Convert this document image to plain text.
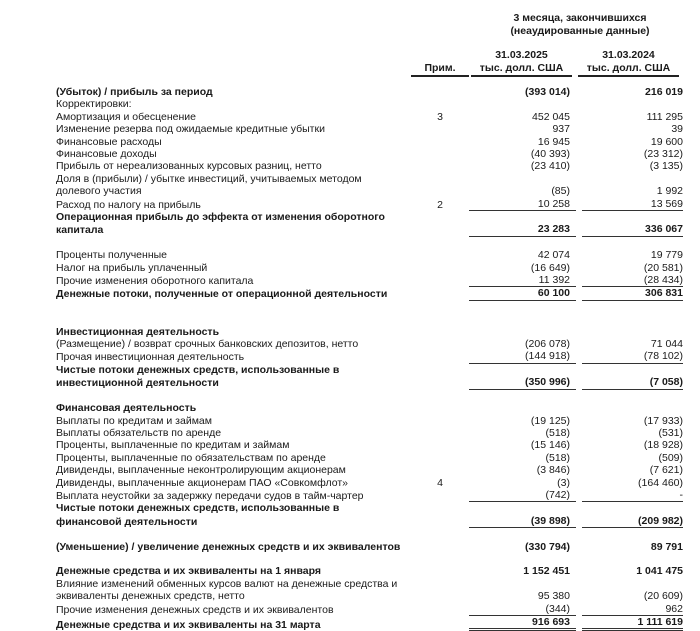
3 месяца, закончившихся
(неаудированные данные)
Прим.
31.03.2025
тыс. долл. США
31.03.2024
тыс. долл. США
(Убыток) / прибыль за период		(393 014)		216 019
Корректировки:				
Амортизация и обесценение	3	452 045		111 295
Изменение резерва под ожидаемые кредитные убытки		937		39
Финансовые расходы		16 945		19 600
Финансовые доходы		(40 393)		(23 312)
Прибыль от нереализованных курсовых разниц, нетто		(23 410)		(3 135)
Доля в (прибыли) / убытке инвестиций, учитываемых методом				
долевого участия		(85)		1 992
Расход по налогу на прибыль	2	10 258		13 569
Операционная прибыль до эффекта от изменения оборотного				
капитала		23 283		336 067

Проценты полученные		42 074		19 779
Налог на прибыль уплаченный		(16 649)		(20 581)
Прочие изменения оборотного капитала		11 392		(28 434)
Денежные потоки, полученные от операционной деятельности		60 100		306 831

Инвестиционная деятельность				
(Размещение) / возврат срочных банковских депозитов, нетто		(206 078)		71 044
Прочая инвестиционная деятельность		(144 918)		(78 102)
Чистые потоки денежных средств, использованные в				
инвестиционной деятельности		(350 996)		(7 058)

Финансовая деятельность				
Выплаты по кредитам и займам		(19 125)		(17 933)
Выплаты обязательств по аренде		(518)		(531)
Проценты, выплаченные по кредитам и займам		(15 146)		(18 928)
Проценты, выплаченные по обязательствам по аренде		(518)		(509)
Дивиденды, выплаченные неконтролирующим акционерам		(3 846)		(7 621)
Дивиденды, выплаченные акционерам ПАО «Совкомфлот»	4	(3)		(164 460)
Выплата неустойки за задержку передачи судов в тайм-чартер		(742)		-
Чистые потоки денежных средств, использованные в				
финансовой деятельности		(39 898)		(209 982)

(Уменьшение) / увеличение денежных средств и их эквивалентов		(330 794)		89 791

Денежные средства и их эквиваленты на 1 января		1 152 451		1 041 475
Влияние изменений обменных курсов валют на денежные средства и				
эквиваленты денежных средств, нетто		95 380		(20 609)
Прочие изменения денежных средств и их эквивалентов		(344)		962
Денежные средства и их эквиваленты на 31 марта		916 693		1 111 619
